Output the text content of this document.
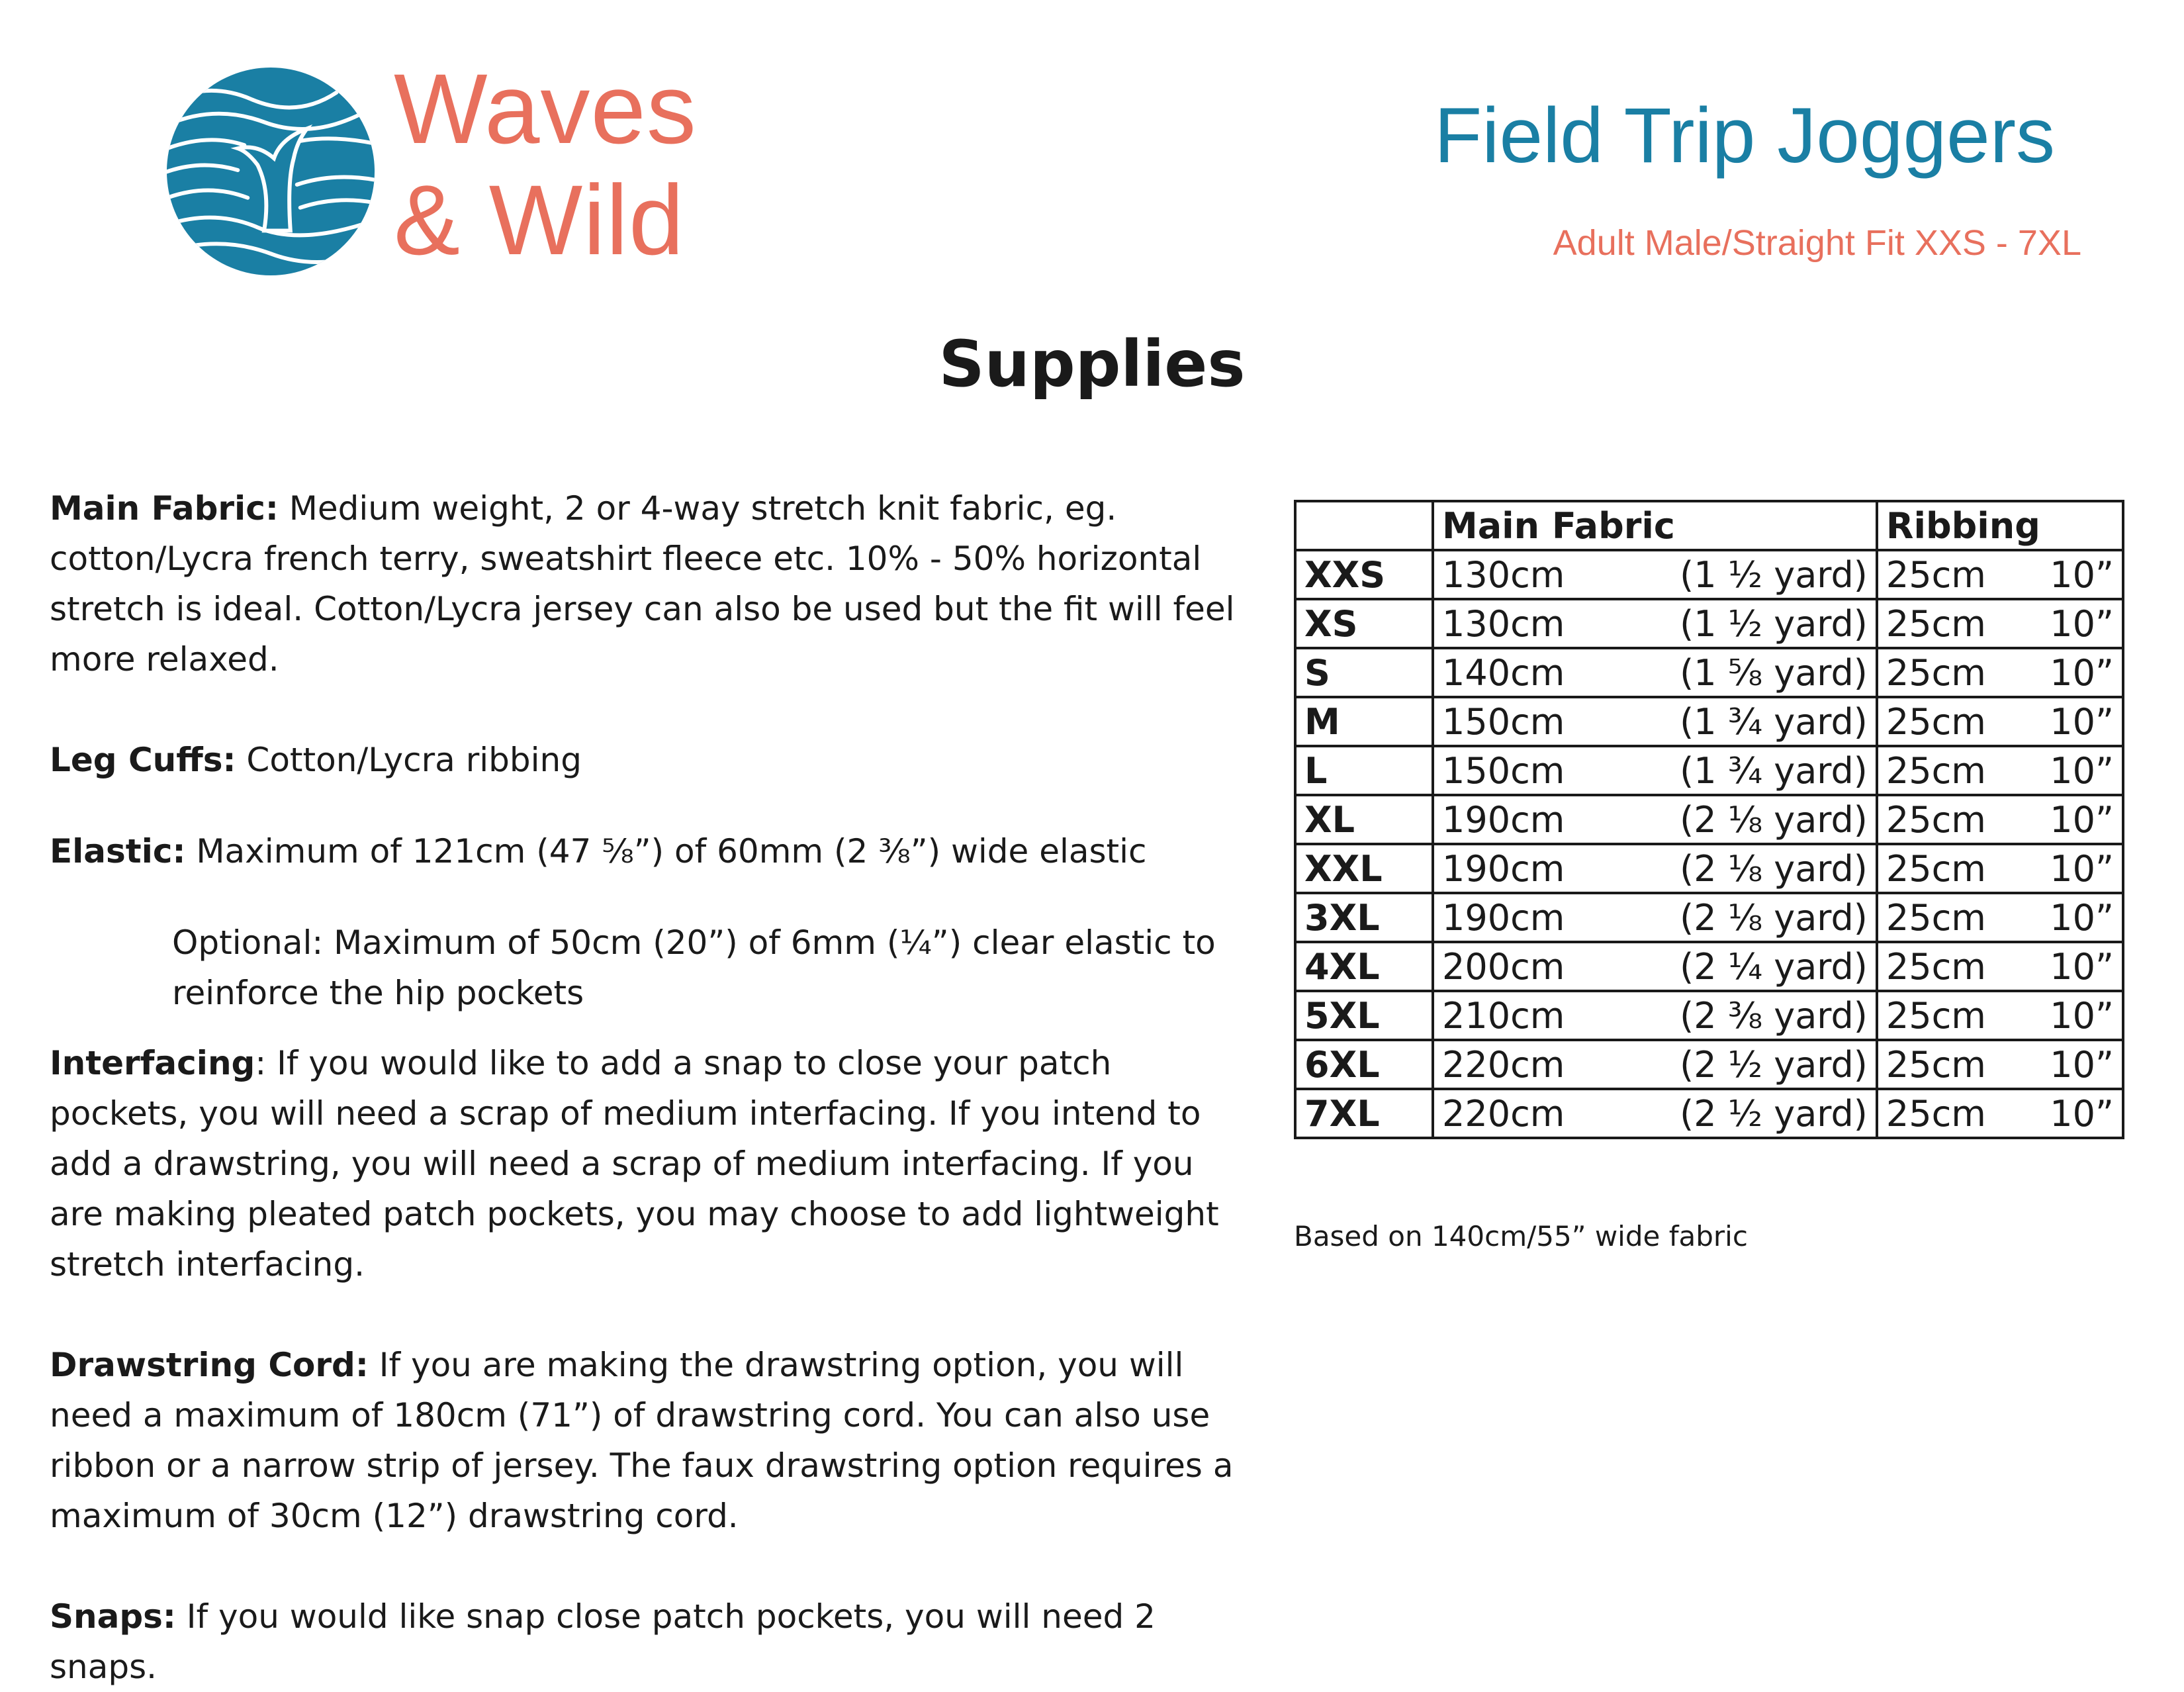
Waves
& Wild
Field Trip Joggers
Adult Male/Straight Fit XXS - 7XL
Supplies

Main Fabric: Medium weight, 2 or 4-way stretch knit fabric, eg. cotton/Lycra french terry, sweatshirt fleece etc. 10% - 50% horizontal stretch is ideal. Cotton/Lycra jersey can also be used but the fit will feel more relaxed.

Leg Cuffs: Cotton/Lycra ribbing

Elastic: Maximum of 121cm (47 ⅝”) of 60mm (2 ⅜”) wide elastic

Optional: Maximum of 50cm (20”) of 6mm (¼”) clear elastic to reinforce the hip pockets

Interfacing: If you would like to add a snap to close your patch pockets, you will need a scrap of medium interfacing. If you intend to add a drawstring, you will need a scrap of medium interfacing. If you are making pleated patch pockets, you may choose to add lightweight stretch interfacing.

Drawstring Cord: If you are making the drawstring option, you will need a maximum of 180cm (71”) of drawstring cord. You can also use ribbon or a narrow strip of jersey. The faux drawstring option requires a maximum of 30cm (12”) drawstring cord.

Snaps: If you would like snap close patch pockets, you will need 2 snaps.

	Main Fabric	Ribbing
XXS	130cm (1 ½ yard)	25cm 10”

XS	130cm (1 ½ yard)	25cm 10”

S	140cm (1 ⅝ yard)	25cm 10”

M	150cm (1 ¾ yard)	25cm 10”

L	150cm (1 ¾ yard)	25cm 10”

XL	190cm (2 ⅛ yard)	25cm 10”

XXL	190cm (2 ⅛ yard)	25cm 10”

3XL	190cm (2 ⅛ yard)	25cm 10”

4XL	200cm (2 ¼ yard)	25cm 10”

5XL	210cm (2 ⅜ yard)	25cm 10”

6XL	220cm (2 ½ yard)	25cm 10”

7XL	220cm (2 ½ yard)	25cm 10”
Based on 140cm/55” wide fabric
